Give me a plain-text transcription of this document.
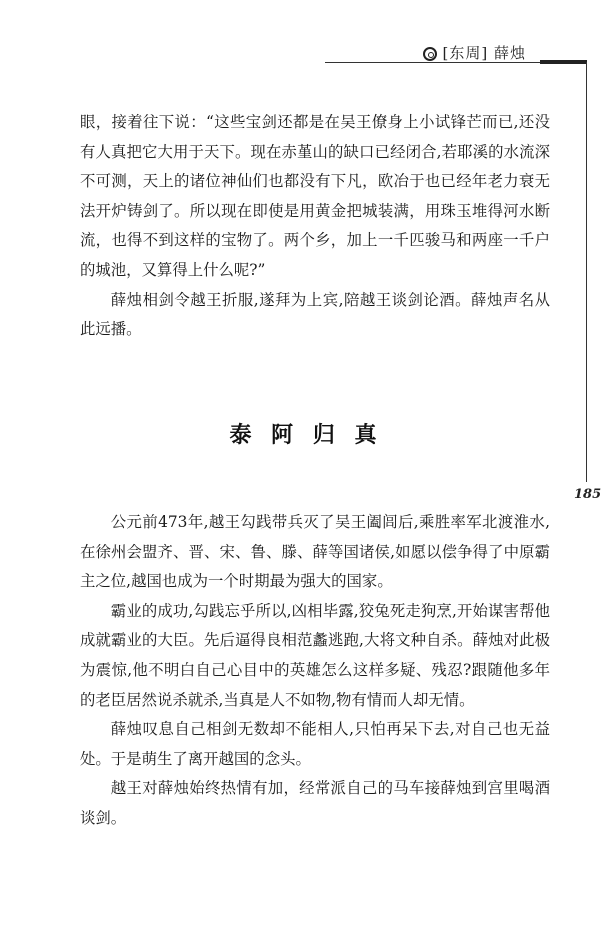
[东周] 薛烛
185

眼，接着往下说：“这些宝剑还都是在吴王僚身上小试锋芒而已,还没有人真把它大用于天下。现在赤堇山的缺口已经闭合,若耶溪的水流深不可测，天上的诸位神仙们也都没有下凡，欧冶于也已经年老力衰无法开炉铸剑了。所以现在即使是用黄金把城装满，用珠玉堆得河水断流，也得不到这样的宝物了。两个乡，加上一千匹骏马和两座一千户的城池，又算得上什么呢?”

薛烛相剑令越王折服,遂拜为上宾,陪越王谈剑论酒。薛烛声名从此远播。

泰 阿 归 真

公元前473年,越王勾践带兵灭了吴王阖闾后,乘胜率军北渡淮水,在徐州会盟齐、晋、宋、鲁、滕、薛等国诸侯,如愿以偿争得了中原霸主之位,越国也成为一个时期最为强大的国家。

霸业的成功,勾践忘乎所以,凶相毕露,狡兔死走狗烹,开始谋害帮他成就霸业的大臣。先后逼得良相范蠡逃跑,大将文种自杀。薛烛对此极为震惊,他不明白自己心目中的英雄怎么这样多疑、残忍?跟随他多年的老臣居然说杀就杀,当真是人不如物,物有情而人却无情。

薛烛叹息自己相剑无数却不能相人,只怕再呆下去,对自己也无益处。于是萌生了离开越国的念头。

越王对薛烛始终热情有加，经常派自己的马车接薛烛到宫里喝酒谈剑。
